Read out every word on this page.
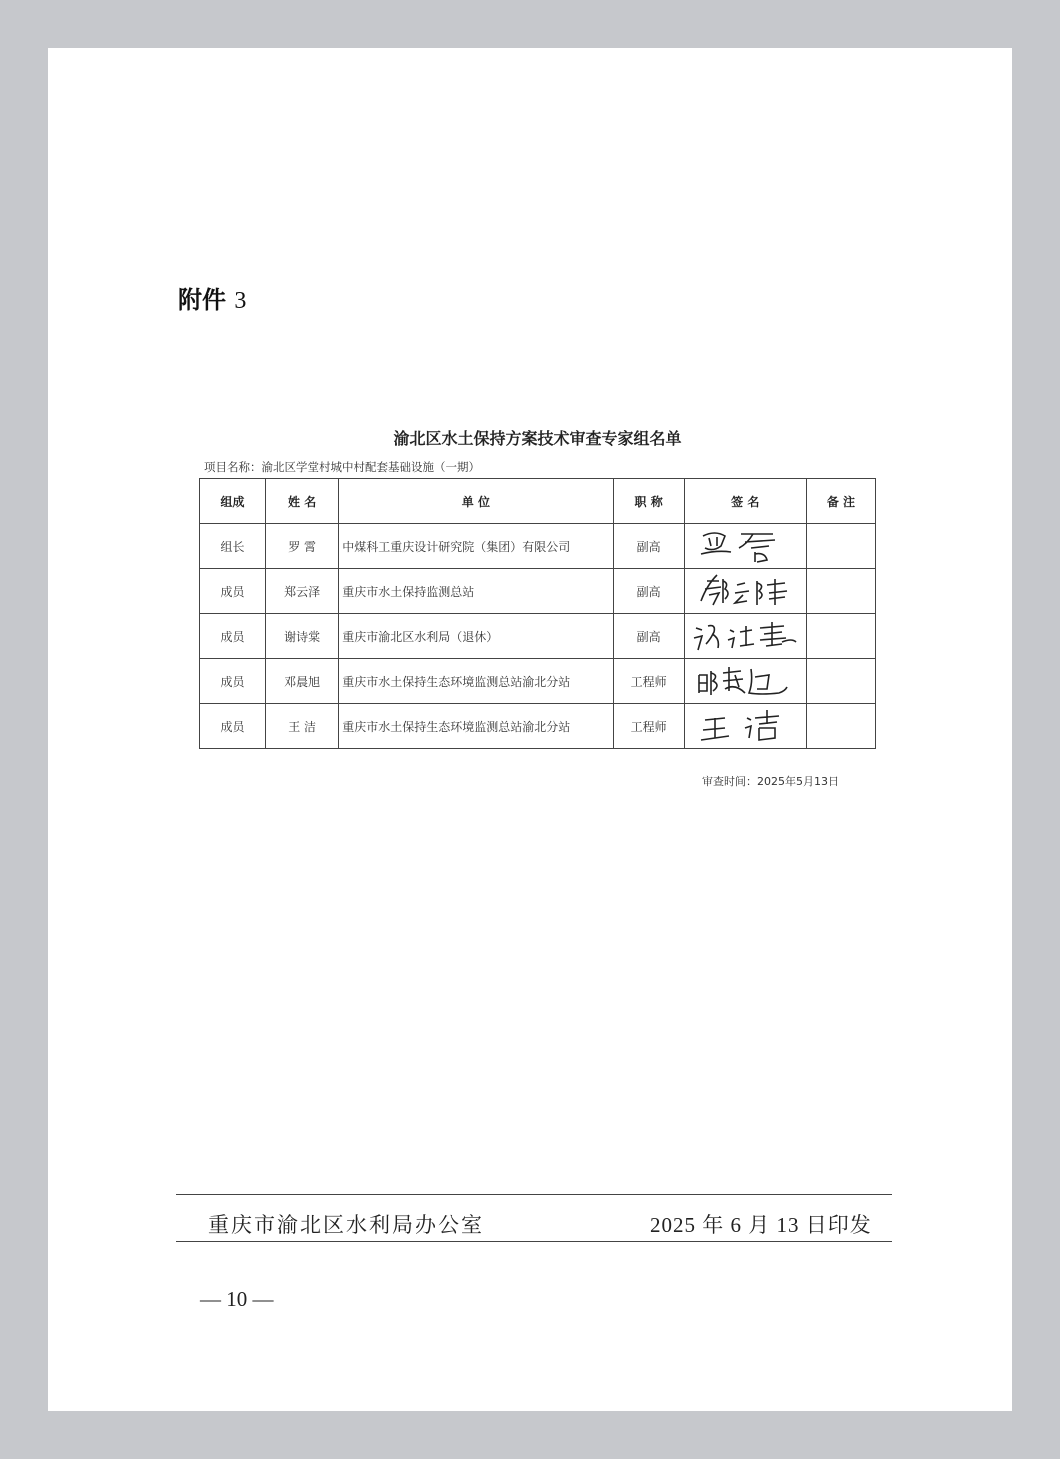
附件 3
渝北区水土保持方案技术审查专家组名单
项目名称：渝北区学堂村城中村配套基础设施（一期）
组成	姓 名	单 位	职 称	签 名	备 注
组长	罗 霄	中煤科工重庆设计研究院（集团）有限公司	副高	

成员	郑云泽	重庆市水土保持监测总站	副高	

成员	谢诗棠	重庆市渝北区水利局（退休）	副高	

成员	邓晨旭	重庆市水土保持生态环境监测总站渝北分站	工程师	

成员	王 洁	重庆市水土保持生态环境监测总站渝北分站	工程师	

审查时间：2025年5月13日
重庆市渝北区水利局办公室	2025 年 6 月 13 日印发
— 10 —
